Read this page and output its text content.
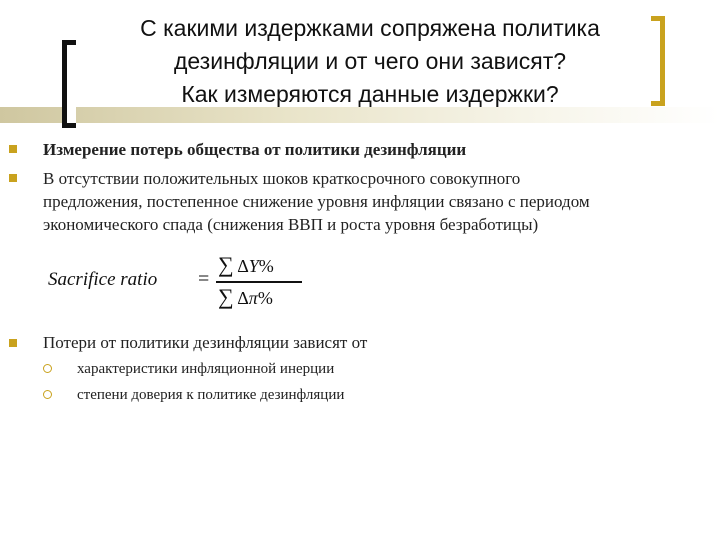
С какими издержками сопряжена политика
дезинфляции и от чего они зависят?
Как измеряются данные издержки?
Измерение потерь общества от политики дезинфляции
В отсутствии положительных шоков краткосрочного совокупного
предложения, постепенное снижение уровня инфляции связано с периодом
экономического спада (снижения ВВП и роста уровня безработицы)
Sacrifice ratio =
∑ ΔY%
∑ Δπ%
Потери от политики дезинфляции зависят от
характеристики инфляционной инерции
степени доверия к политике дезинфляции
